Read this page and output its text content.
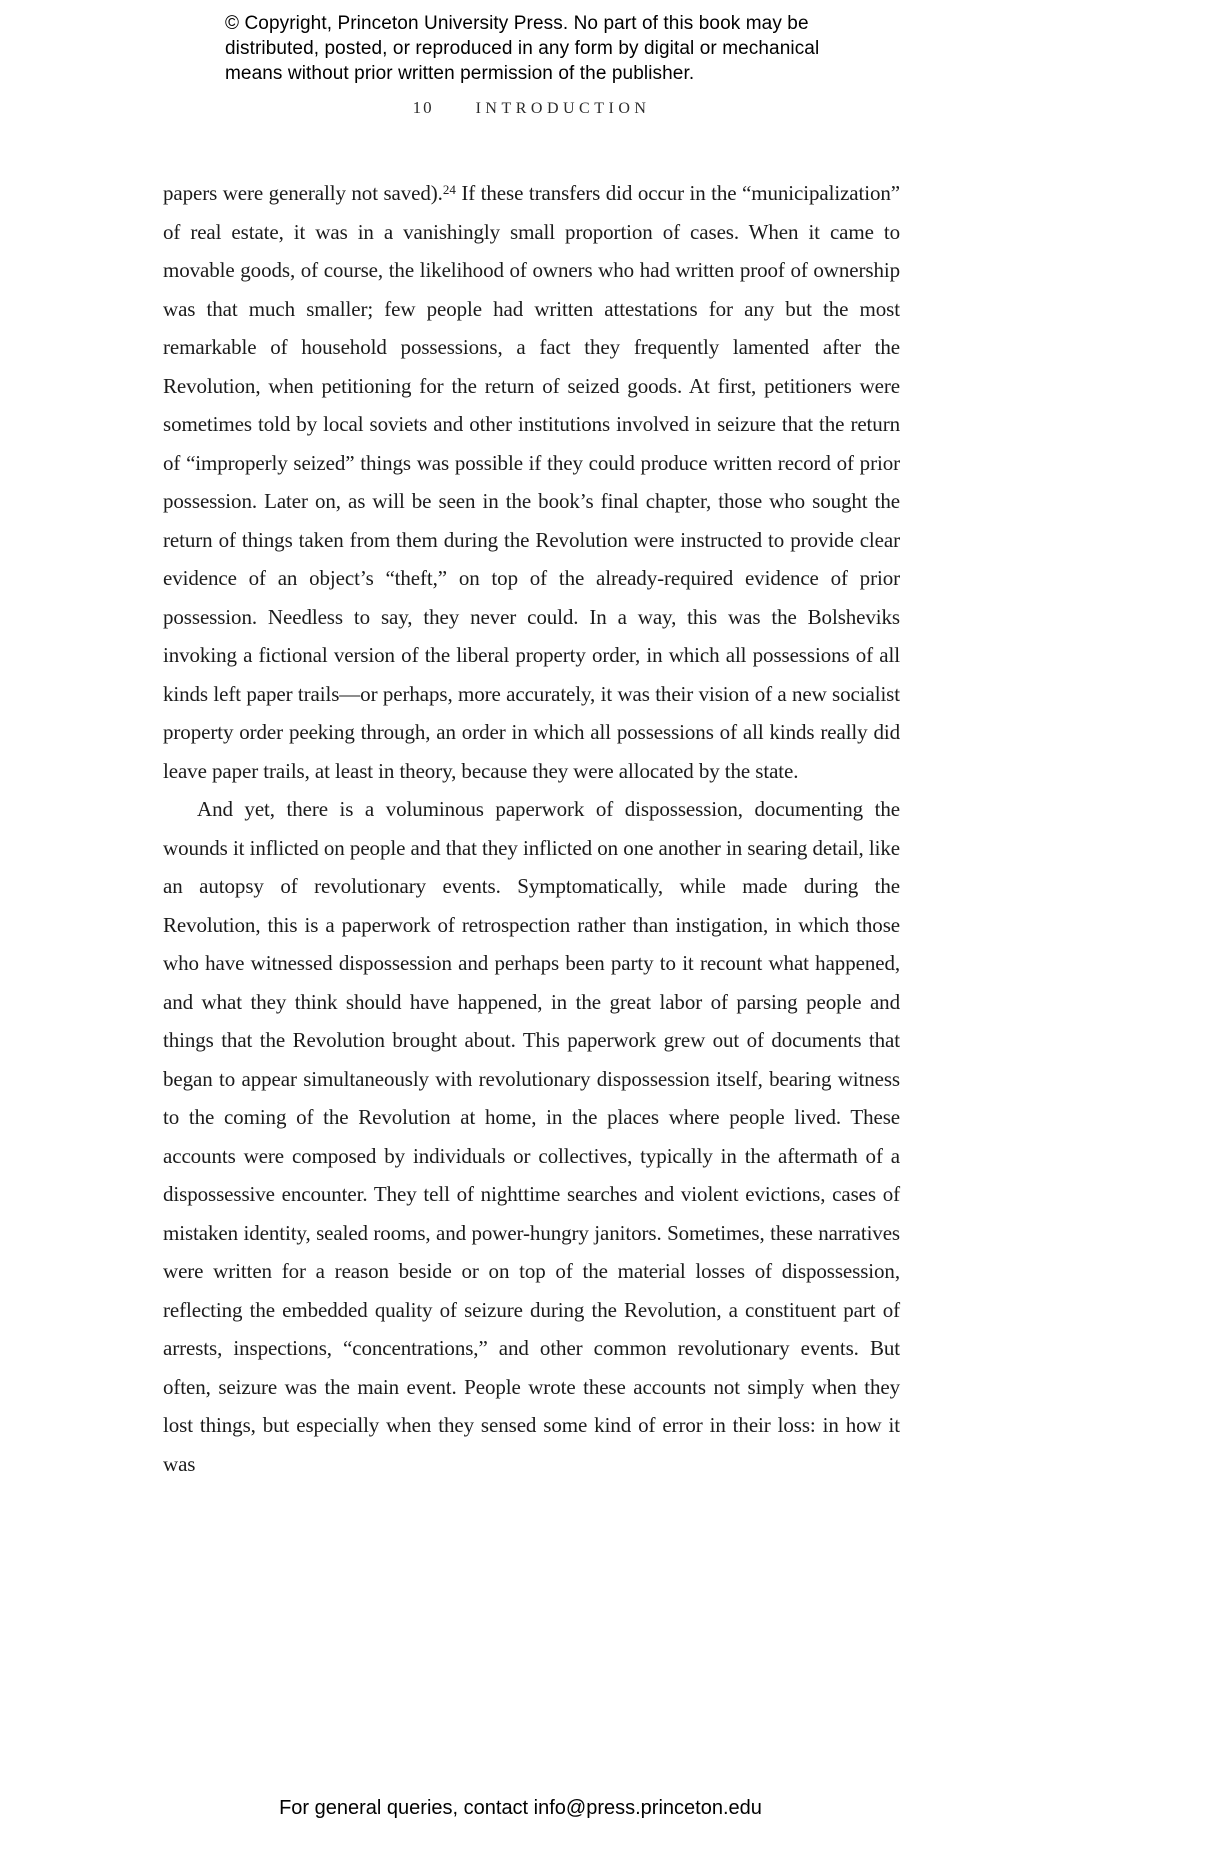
© Copyright, Princeton University Press. No part of this book may be
distributed, posted, or reproduced in any form by digital or mechanical
means without prior written permission of the publisher.
10	INTRODUCTION

papers were generally not saved).$^{24}$ If these transfers did occur in the “municipalization” of real estate, it was in a vanishingly small proportion of cases. When it came to movable goods, of course, the likelihood of owners who had written proof of ownership was that much smaller; few people had written attestations for any but the most remarkable of household possessions, a fact they frequently lamented after the Revolution, when petitioning for the return of seized goods. At first, petitioners were sometimes told by local soviets and other institutions involved in seizure that the return of “improperly seized” things was possible if they could produce written record of prior possession. Later on, as will be seen in the book’s final chapter, those who sought the return of things taken from them during the Revolution were instructed to provide clear evidence of an object’s “theft,” on top of the already-required evidence of prior possession. Needless to say, they never could. In a way, this was the Bolsheviks invoking a fictional version of the liberal property order, in which all possessions of all kinds left paper trails—or perhaps, more accurately, it was their vision of a new socialist property order peeking through, an order in which all possessions of all kinds really did leave paper trails, at least in theory, because they were allocated by the state.

And yet, there is a voluminous paperwork of dispossession, documenting the wounds it inflicted on people and that they inflicted on one another in searing detail, like an autopsy of revolutionary events. Symptomatically, while made during the Revolution, this is a paperwork of retrospection rather than instigation, in which those who have witnessed dispossession and perhaps been party to it recount what happened, and what they think should have happened, in the great labor of parsing people and things that the Revolution brought about. This paperwork grew out of documents that began to appear simultaneously with revolutionary dispossession itself, bearing witness to the coming of the Revolution at home, in the places where people lived. These accounts were composed by individuals or collectives, typically in the aftermath of a dispossessive encounter. They tell of nighttime searches and violent evictions, cases of mistaken identity, sealed rooms, and power-hungry janitors. Sometimes, these narratives were written for a reason beside or on top of the material losses of dispossession, reflecting the embedded quality of seizure during the Revolution, a constituent part of arrests, inspections, “concentrations,” and other common revolutionary events. But often, seizure was the main event. People wrote these accounts not simply when they lost things, but especially when they sensed some kind of error in their loss: in how it was

For general queries, contact info@press.princeton.edu
